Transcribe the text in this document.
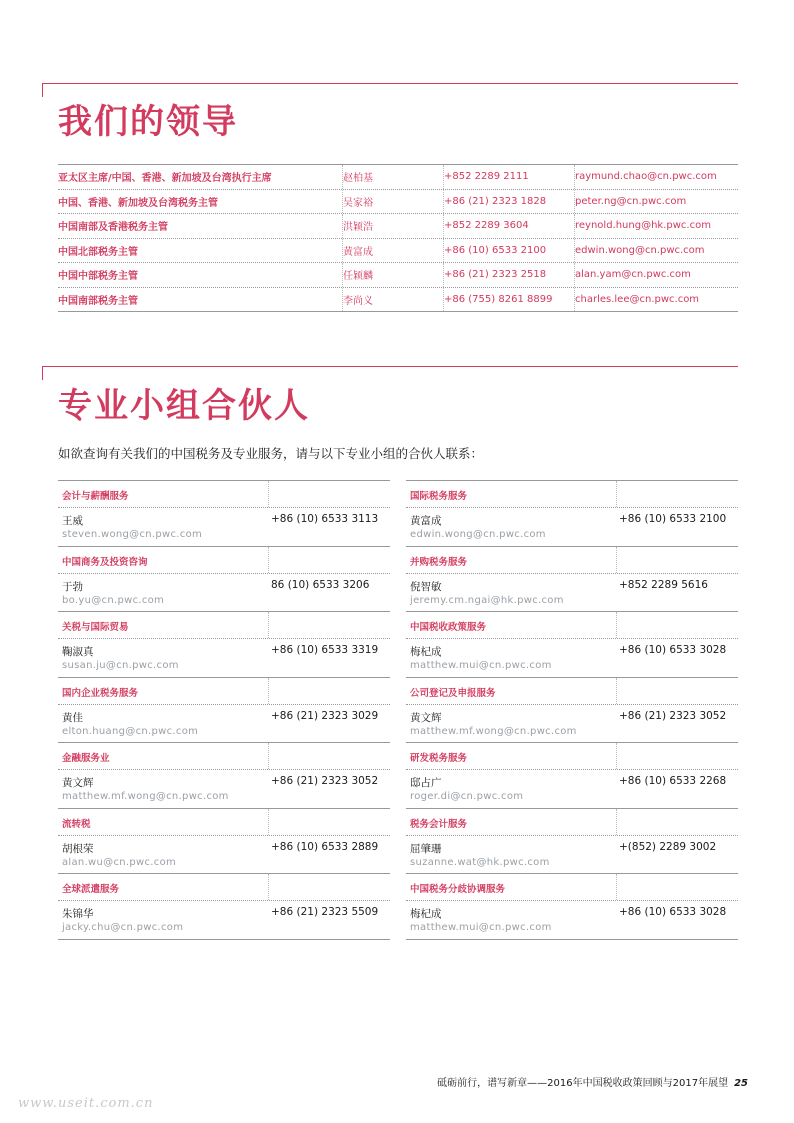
我们的领导
亚太区主席/中国、香港、新加坡及台湾执行主席	赵柏基	+852 2289 2111	raymund.chao@cn.pwc.com
中国、香港、新加坡及台湾税务主管	吴家裕	+86 (21) 2323 1828	peter.ng@cn.pwc.com
中国南部及香港税务主管	洪颖浩	+852 2289 3604	reynold.hung@hk.pwc.com
中国北部税务主管	黄富成	+86 (10) 6533 2100	edwin.wong@cn.pwc.com
中国中部税务主管	任颖麟	+86 (21) 2323 2518	alan.yam@cn.pwc.com
中国南部税务主管	李尚义	+86 (755) 8261 8899 charles.lee@cn.pwc.com
专业小组合伙人

如欲查询有关我们的中国税务及专业服务，请与以下专业小组的合伙人联系：

会计与薪酬服务
王威	+86 (10) 6533 3113
steven.wong@cn.pwc.com
中国商务及投资咨询
于勃	86 (10) 6533 3206
bo.yu@cn.pwc.com
关税与国际贸易
鞠淑真	+86 (10) 6533 3319
susan.ju@cn.pwc.com
国内企业税务服务
黄佳	+86 (21) 2323 3029
elton.huang@cn.pwc.com
金融服务业
黄文辉	+86 (21) 2323 3052
matthew.mf.wong@cn.pwc.com
流转税
胡根荣	+86 (10) 6533 2889
alan.wu@cn.pwc.com
全球派遣服务
朱锦华	+86 (21) 2323 5509
jacky.chu@cn.pwc.com
国际税务服务
黄富成	+86 (10) 6533 2100
edwin.wong@cn.pwc.com
并购税务服务
倪智敏	+852 2289 5616
jeremy.cm.ngai@hk.pwc.com
中国税收政策服务
梅杞成	+86 (10) 6533 3028
matthew.mui@cn.pwc.com
公司登记及申报服务
黄文辉	+86 (21) 2323 3052
matthew.mf.wong@cn.pwc.com
研发税务服务
邸占广	+86 (10) 6533 2268
roger.di@cn.pwc.com
税务会计服务
屈肇珊	+(852) 2289 3002
suzanne.wat@hk.pwc.com
中国税务分歧协调服务
梅杞成	+86 (10) 6533 3028
matthew.mui@cn.pwc.com
砥砺前行，谱写新章——2016年中国税收政策回顾与2017年展望 25
www.useit.com.cn
